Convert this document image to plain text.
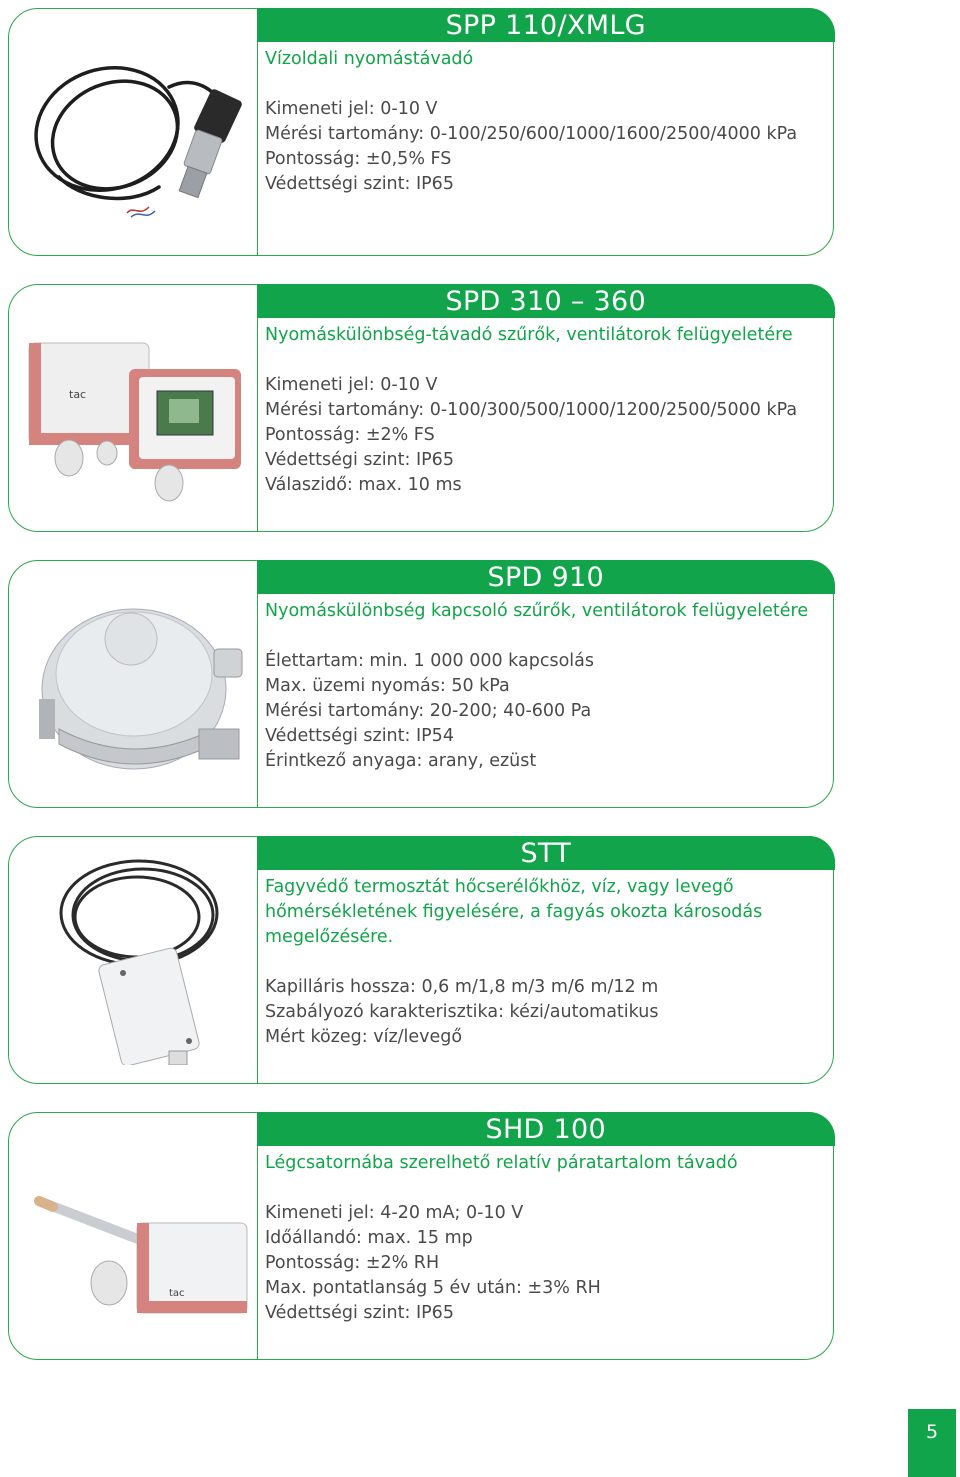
SPP 110/XMLG
Vízoldali nyomástávadó
Kimeneti jel: 0-10 V
Mérési tartomány: 0-100/250/600/1000/1600/2500/4000 kPa
Pontosság: ±0,5% FS
Védettségi szint: IP65
SPD 310 – 360
tac
Nyomáskülönbség-távadó szűrők, ventilátorok felügyeletére
Kimeneti jel: 0-10 V
Mérési tartomány: 0-100/300/500/1000/1200/2500/5000 kPa
Pontosság: ±2% FS
Védettségi szint: IP65
Válaszidő: max. 10 ms
SPD 910
Nyomáskülönbség kapcsoló szűrők, ventilátorok felügyeletére
Élettartam: min. 1 000 000 kapcsolás
Max. üzemi nyomás: 50 kPa
Mérési tartomány: 20-200; 40-600 Pa
Védettségi szint: IP54
Érintkező anyaga: arany, ezüst
STT
Fagyvédő termosztát hőcserélőkhöz, víz, vagy levegő
hőmérsékletének figyelésére, a fagyás okozta károsodás
megelőzésére.
Kapilláris hossza: 0,6 m/1,8 m/3 m/6 m/12 m
Szabályozó karakterisztika: kézi/automatikus
Mért közeg: víz/levegő
SHD 100
tac
Légcsatornába szerelhető relatív páratartalom távadó
Kimeneti jel: 4-20 mA; 0-10 V
Időállandó: max. 15 mp
Pontosság: ±2% RH
Max. pontatlanság 5 év után: ±3% RH
Védettségi szint: IP65
5
